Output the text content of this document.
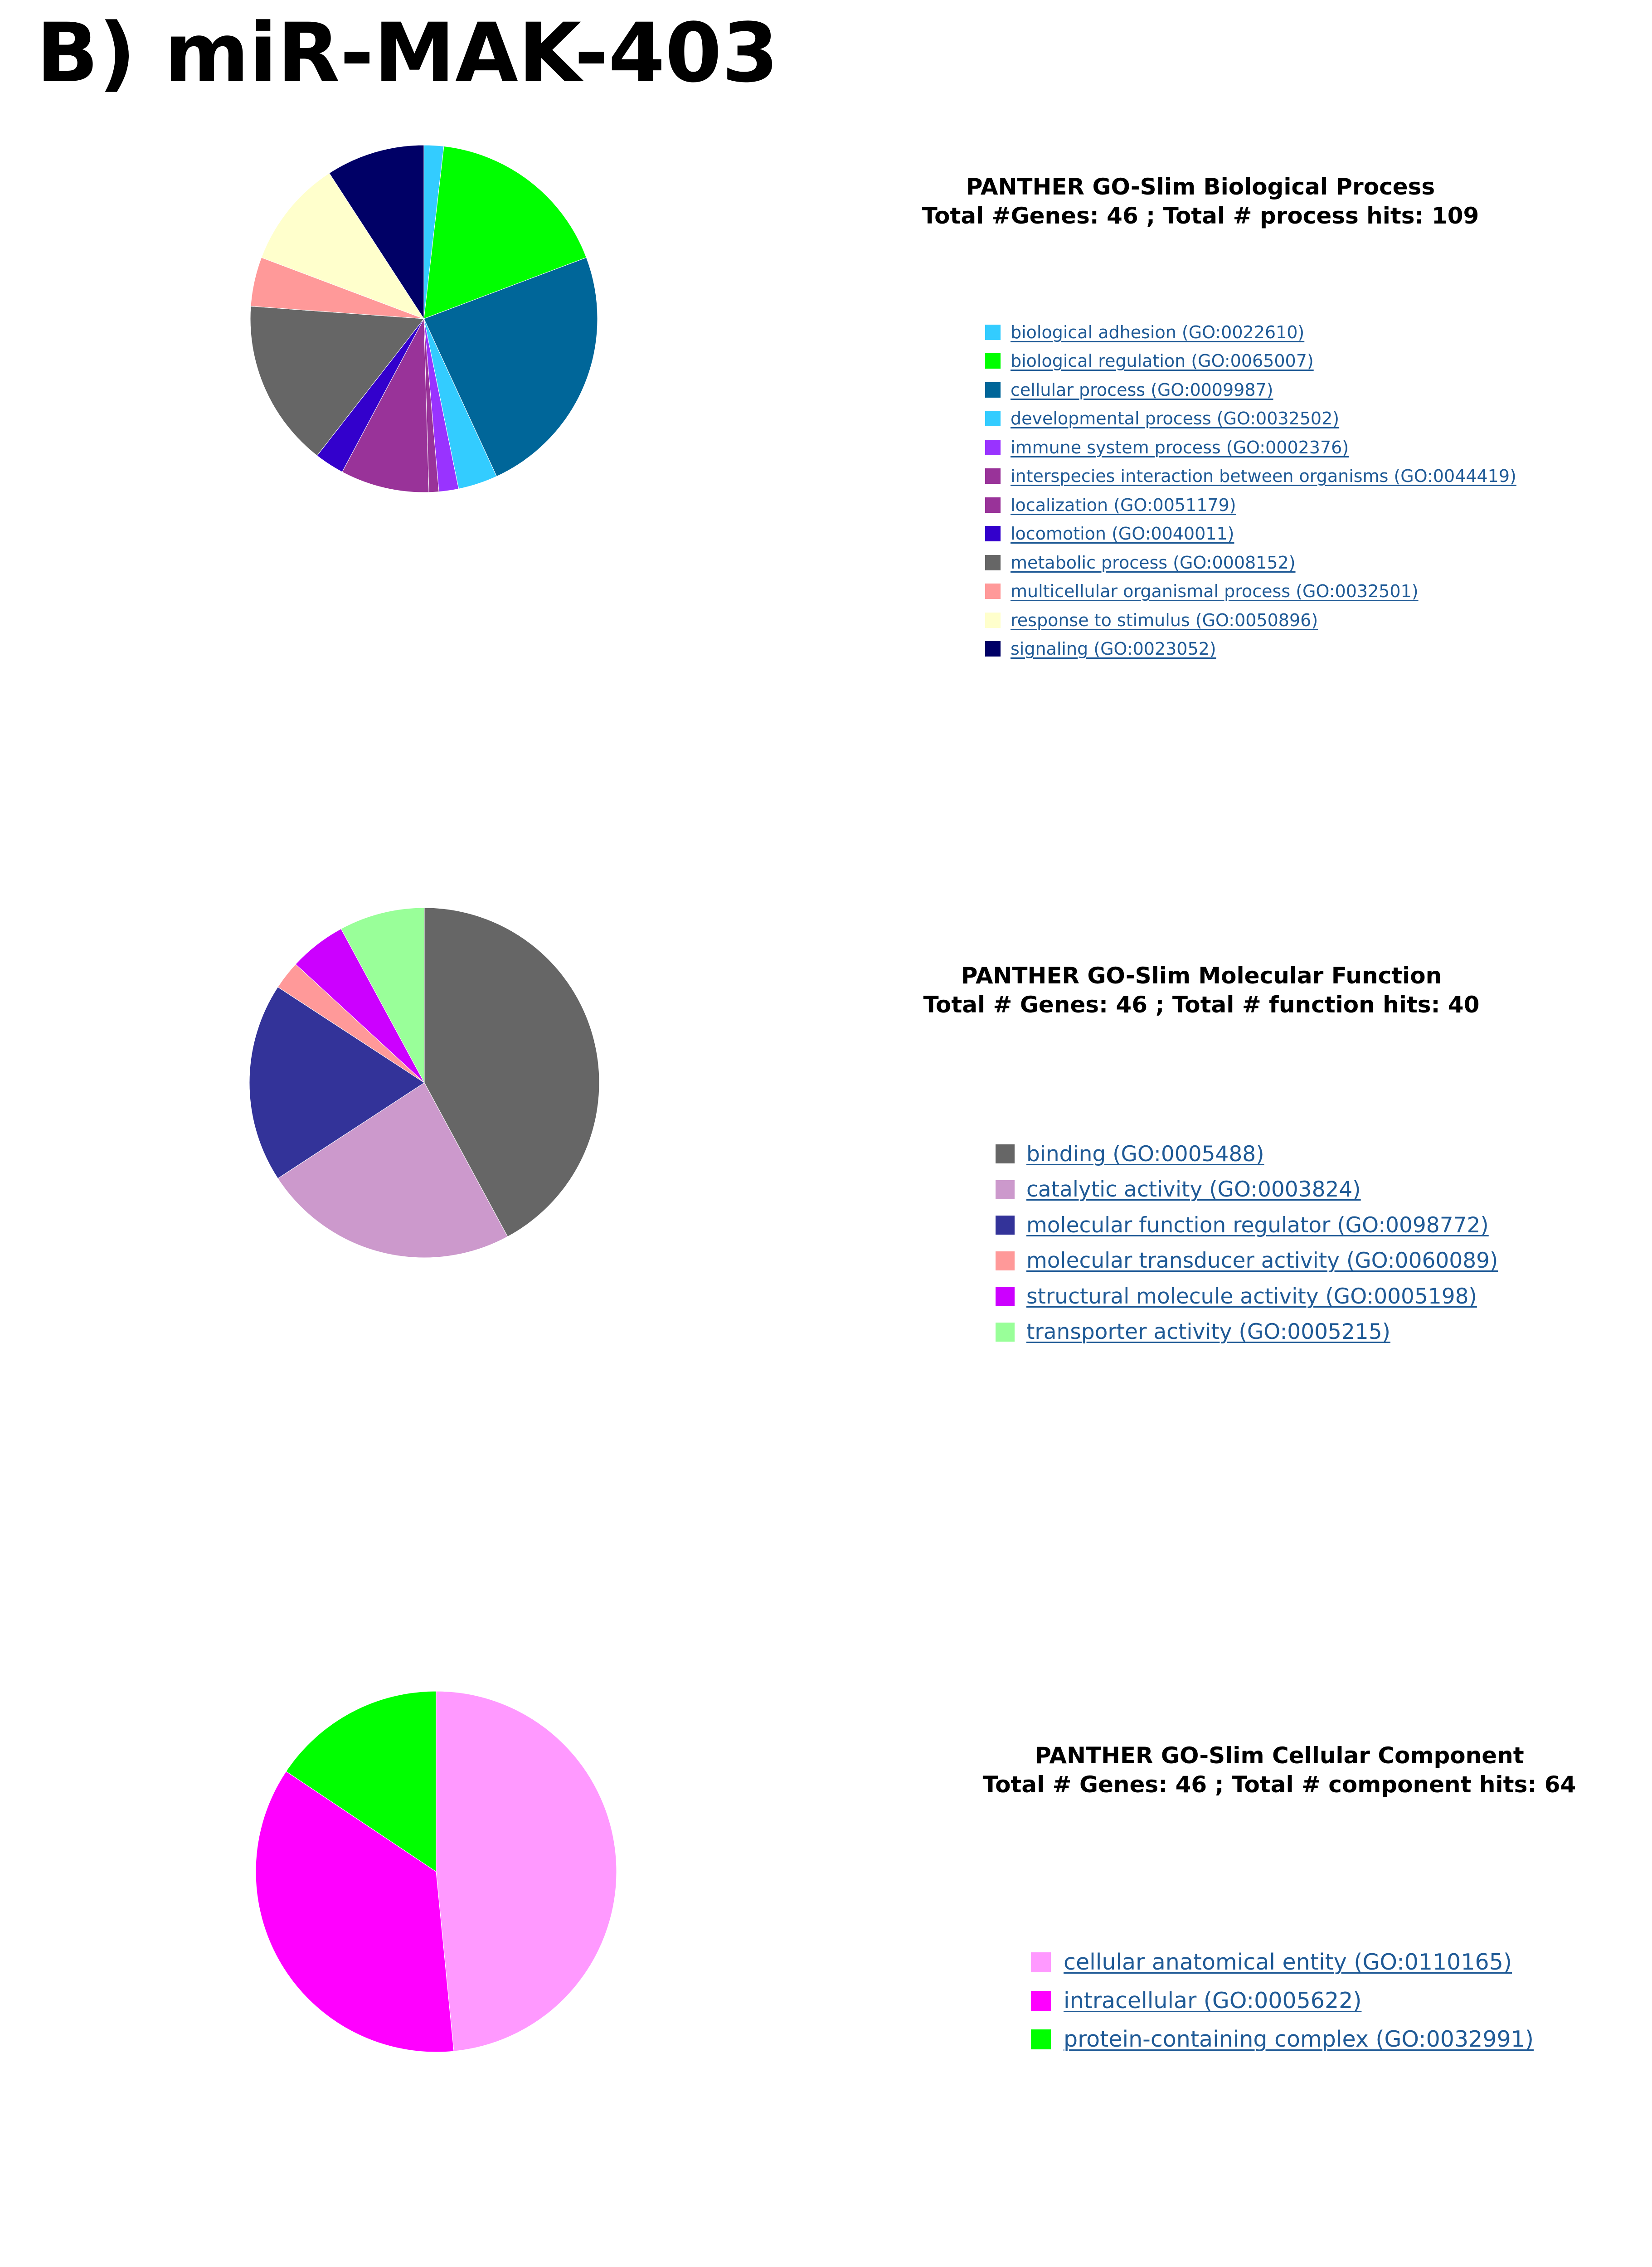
B) miR-MAK-403
PANTHER GO-Slim Biological Process
Total #Genes: 46 ; Total # process hits: 109
biological adhesion (GO:0022610)
biological regulation (GO:0065007)
cellular process (GO:0009987)
developmental process (GO:0032502)
immune system process (GO:0002376)
interspecies interaction between organisms (GO:0044419)
localization (GO:0051179)
locomotion (GO:0040011)
metabolic process (GO:0008152)
multicellular organismal process (GO:0032501)
response to stimulus (GO:0050896)
signaling (GO:0023052)
PANTHER GO-Slim Molecular Function
Total # Genes: 46 ; Total # function hits: 40
binding (GO:0005488)
catalytic activity (GO:0003824)
molecular function regulator (GO:0098772)
molecular transducer activity (GO:0060089)
structural molecule activity (GO:0005198)
transporter activity (GO:0005215)
PANTHER GO-Slim Cellular Component
Total # Genes: 46 ; Total # component hits: 64
cellular anatomical entity (GO:0110165)
intracellular (GO:0005622)
protein-containing complex (GO:0032991)
